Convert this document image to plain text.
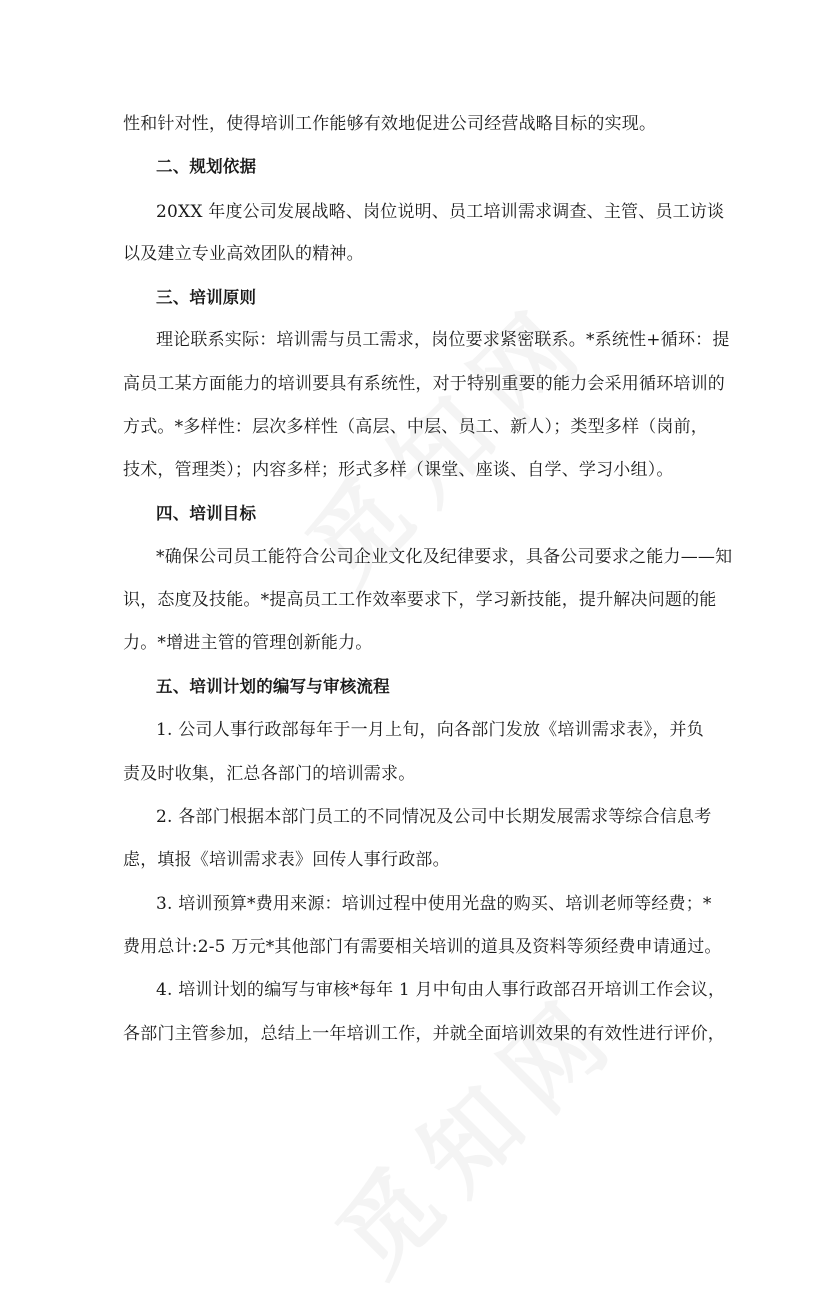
性和针对性，使得培训工作能够有效地促进公司经营战略目标的实现。
二、规划依据
20XX 年度公司发展战略、岗位说明、员工培训需求调查、主管、员工访谈
以及建立专业高效团队的精神。
三、培训原则
理论联系实际：培训需与员工需求，岗位要求紧密联系。*系统性+循环：提
高员工某方面能力的培训要具有系统性，对于特别重要的能力会采用循环培训的
方式。*多样性：层次多样性（高层、中层、员工、新人）；类型多样（岗前，
技术，管理类）；内容多样；形式多样（课堂、座谈、自学、学习小组）。
四、培训目标
*确保公司员工能符合公司企业文化及纪律要求，具备公司要求之能力——知
识，态度及技能。*提高员工工作效率要求下，学习新技能，提升解决问题的能
力。*增进主管的管理创新能力。
五、培训计划的编写与审核流程
1. 公司人事行政部每年于一月上旬，向各部门发放《培训需求表》，并负
责及时收集，汇总各部门的培训需求。
2. 各部门根据本部门员工的不同情况及公司中长期发展需求等综合信息考
虑，填报《培训需求表》回传人事行政部。
3. 培训预算*费用来源：培训过程中使用光盘的购买、培训老师等经费；*
费用总计:2-5 万元*其他部门有需要相关培训的道具及资料等须经费申请通过。
4. 培训计划的编写与审核*每年 1 月中旬由人事行政部召开培训工作会议，
各部门主管参加，总结上一年培训工作，并就全面培训效果的有效性进行评价，
